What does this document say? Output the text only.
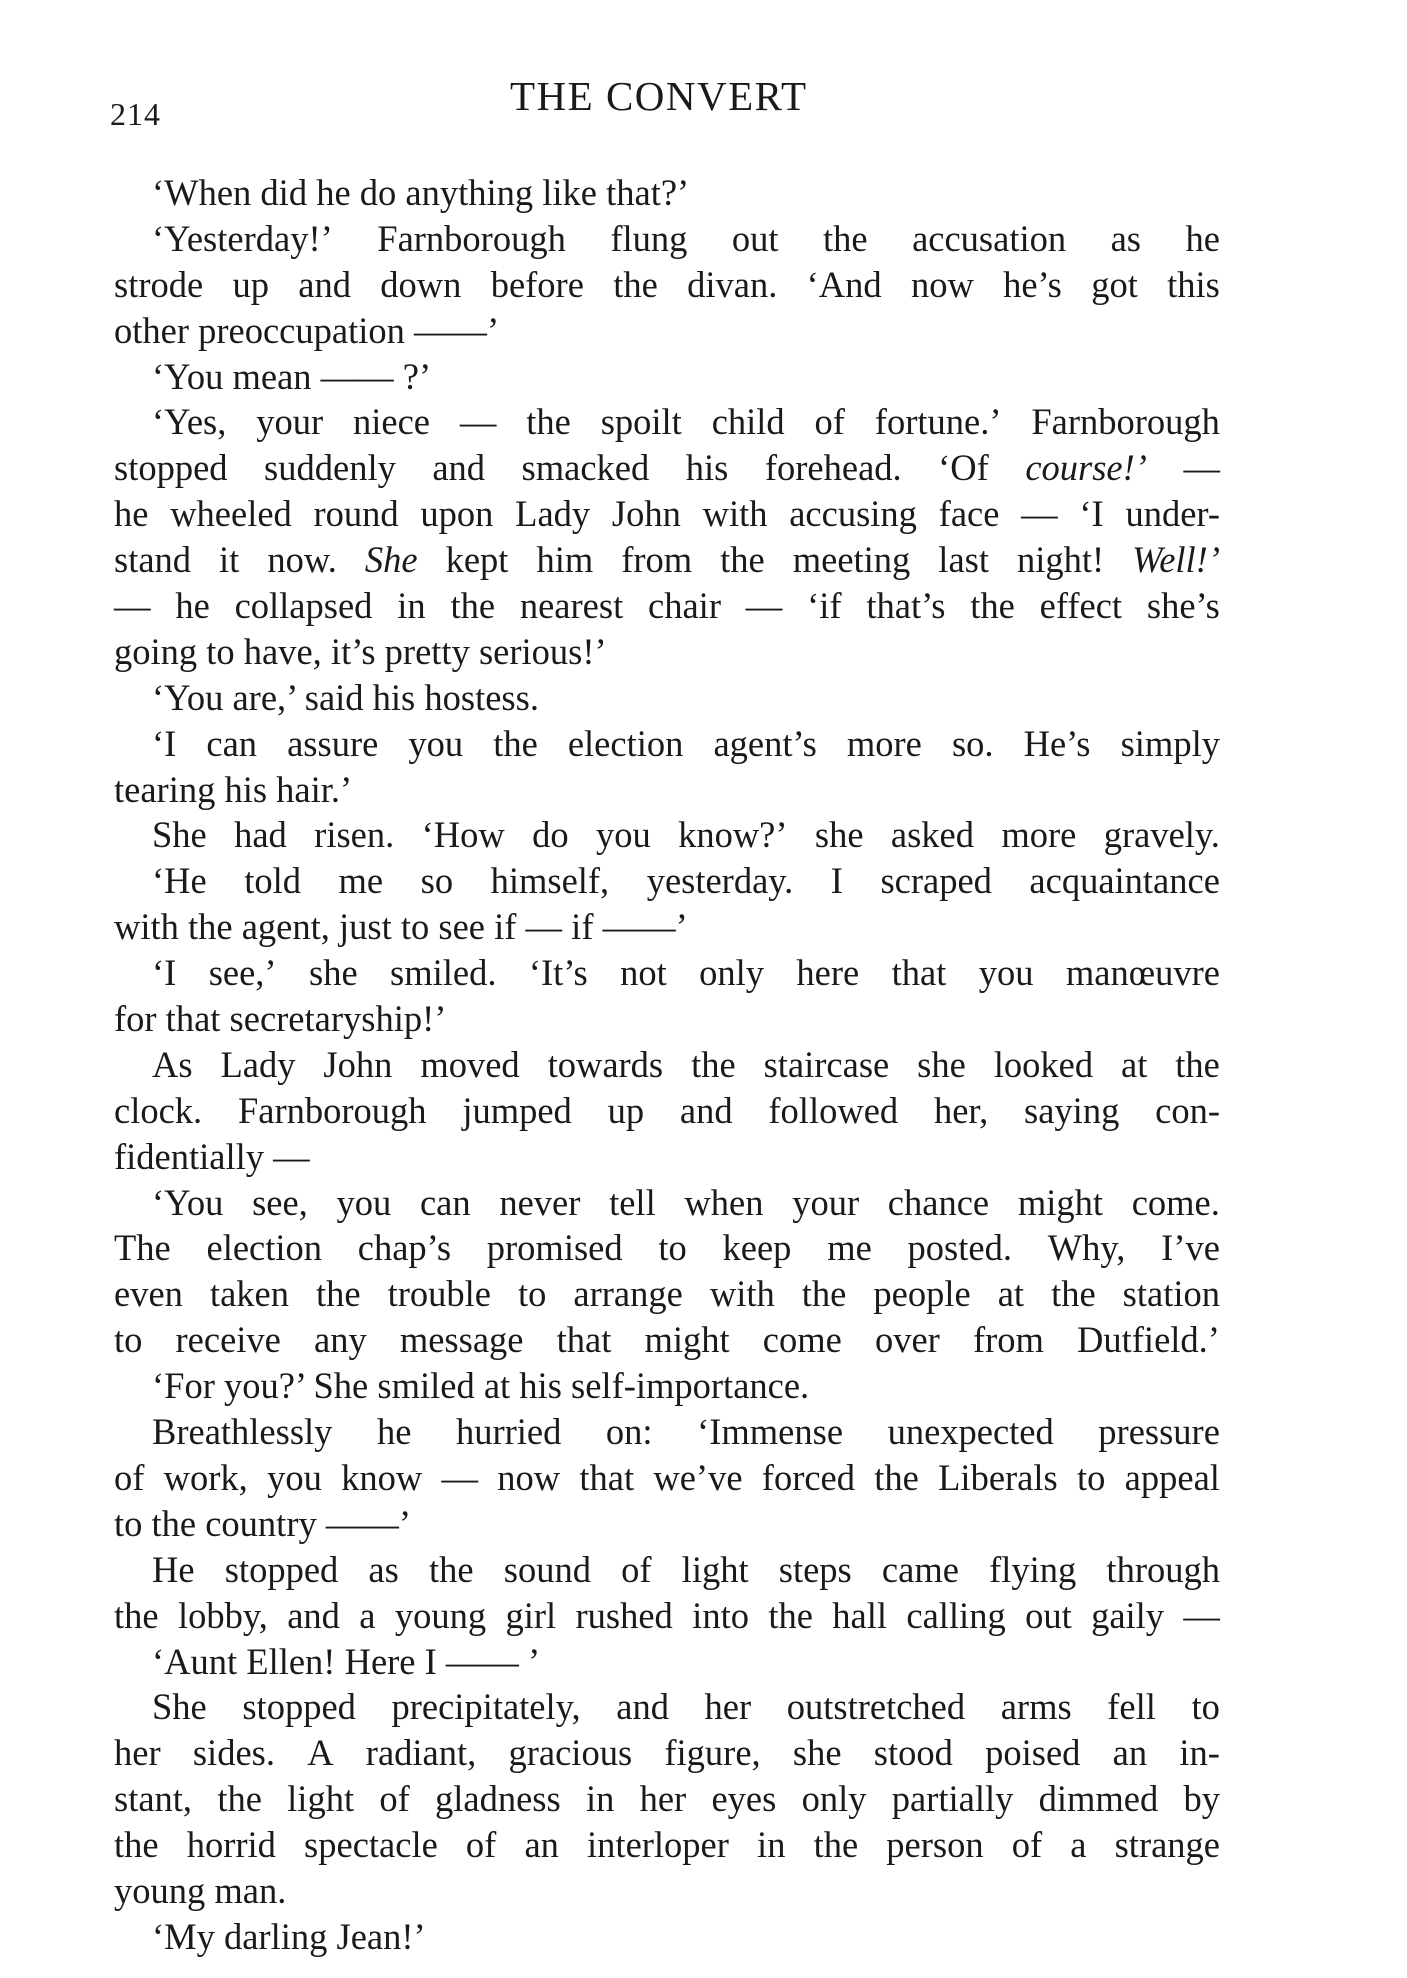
214	THE CONVERT
‘When did he do anything like that?’
‘Yesterday!’ Farnborough flung out the accusation as he
strode up and down before the divan. ‘And now he’s got this
other preoccupation ——’
‘You mean —— ?’
‘Yes, your niece — the spoilt child of fortune.’ Farnborough
stopped suddenly and smacked his forehead. ‘Of course!’ —
he wheeled round upon Lady John with accusing face — ‘I under-
stand it now. She kept him from the meeting last night! Well!’
— he collapsed in the nearest chair — ‘if that’s the effect she’s
going to have, it’s pretty serious!’
‘You are,’ said his hostess.
‘I can assure you the election agent’s more so. He’s simply
tearing his hair.’
She had risen. ‘How do you know?’ she asked more gravely.
‘He told me so himself, yesterday. I scraped acquaintance
with the agent, just to see if — if ——’
‘I see,’ she smiled. ‘It’s not only here that you manœuvre
for that secretaryship!’
As Lady John moved towards the staircase she looked at the
clock. Farnborough jumped up and followed her, saying con-
fidentially —
‘You see, you can never tell when your chance might come.
The election chap’s promised to keep me posted. Why, I’ve
even taken the trouble to arrange with the people at the station
to receive any message that might come over from Dutfield.’
‘For you?’ She smiled at his self-importance.
Breathlessly he hurried on: ‘Immense unexpected pressure
of work, you know — now that we’ve forced the Liberals to appeal
to the country ——’
He stopped as the sound of light steps came flying through
the lobby, and a young girl rushed into the hall calling out gaily —
‘Aunt Ellen! Here I —— ’
She stopped precipitately, and her outstretched arms fell to
her sides. A radiant, gracious figure, she stood poised an in-
stant, the light of gladness in her eyes only partially dimmed by
the horrid spectacle of an interloper in the person of a strange
young man.
‘My darling Jean!’
